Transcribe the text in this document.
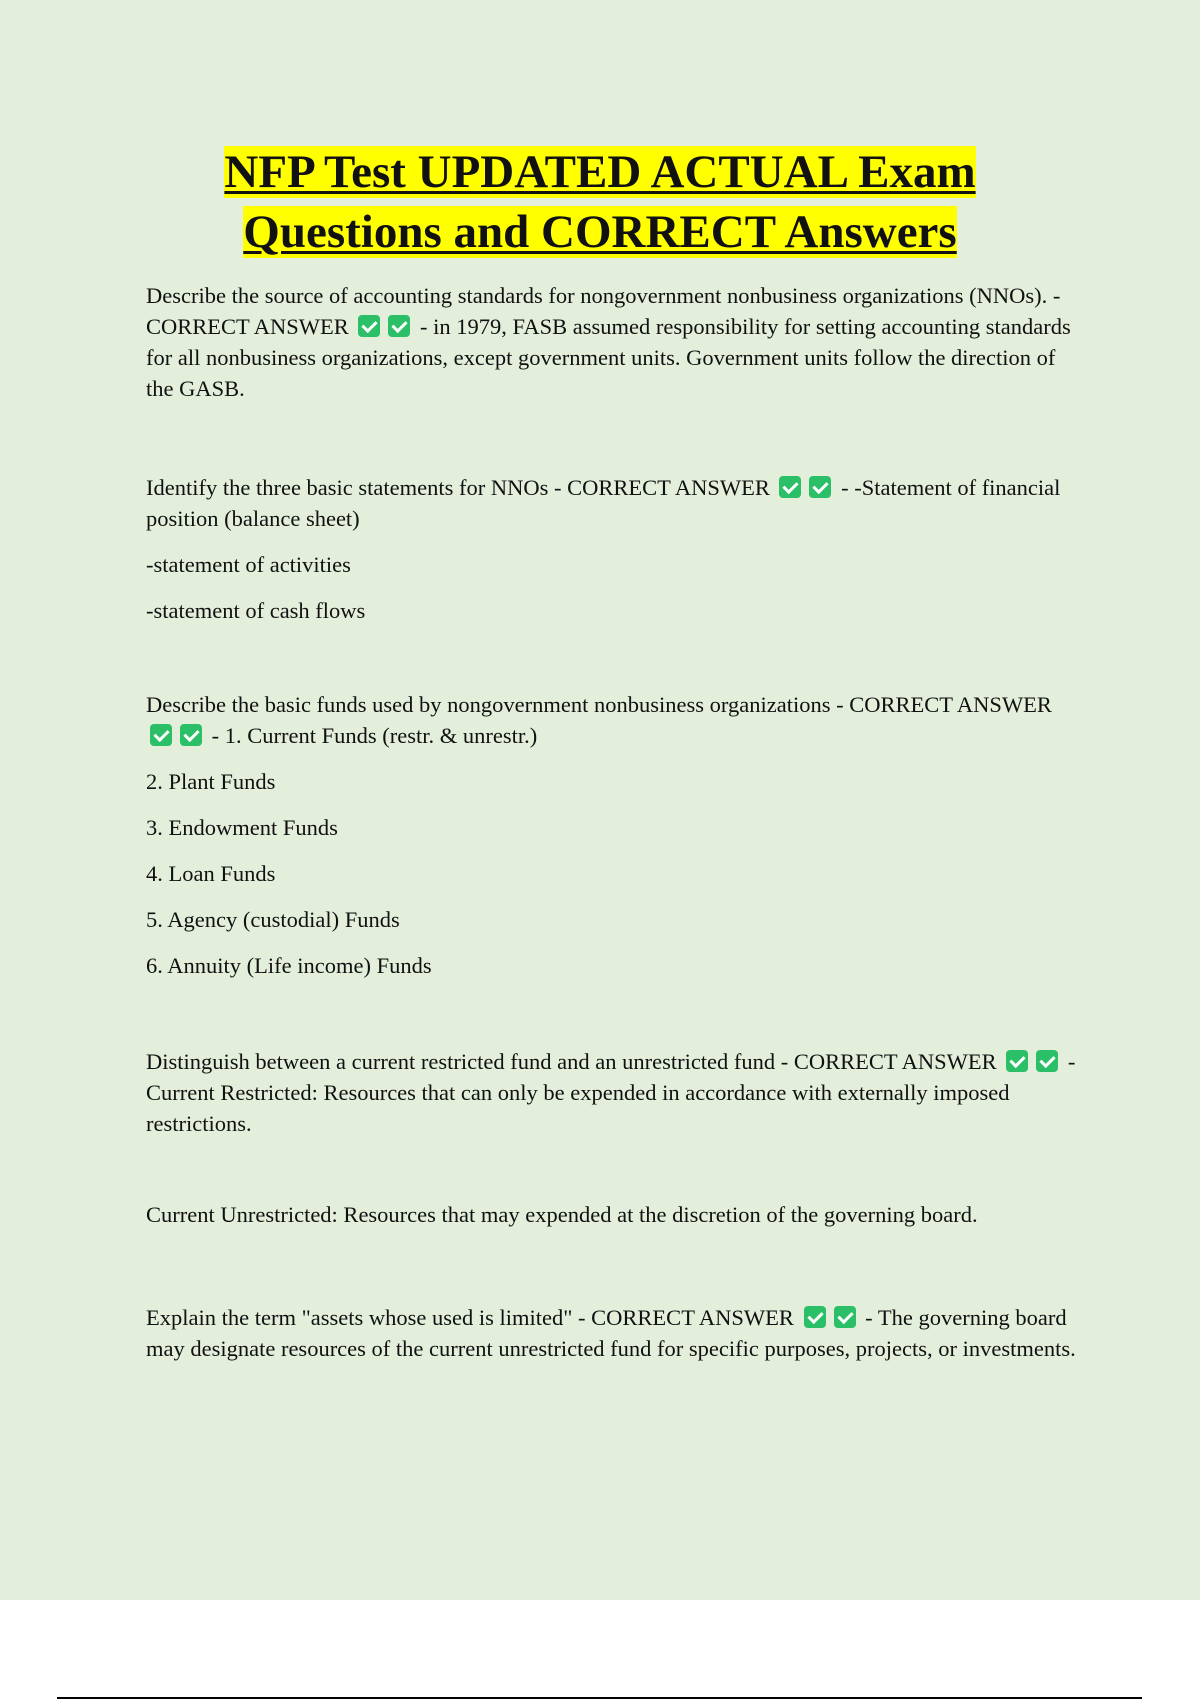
NFP Test UPDATED ACTUAL Exam
Questions and CORRECT Answers

Describe the source of accounting standards for nongovernment nonbusiness organizations (NNOs). - CORRECT ANSWER	- in 1979, FASB assumed responsibility for setting accounting standards for all nonbusiness organizations, except government units. Government units follow the direction of the GASB.

Identify the three basic statements for NNOs - CORRECT ANSWER	- -Statement of financial position (balance sheet)

-statement of activities

-statement of cash flows

Describe the basic funds used by nongovernment nonbusiness organizations - CORRECT ANSWER  - 1. Current Funds (restr. & unrestr.)

2. Plant Funds

3. Endowment Funds

4. Loan Funds

5. Agency (custodial) Funds

6. Annuity (Life income) Funds

Distinguish between a current restricted fund and an unrestricted fund - CORRECT ANSWER	- Current Restricted: Resources that can only be expended in accordance with externally imposed restrictions.

Current Unrestricted: Resources that may expended at the discretion of the governing board.

Explain the term "assets whose used is limited" - CORRECT ANSWER	- The governing board may designate resources of the current unrestricted fund for specific purposes, projects, or investments.
